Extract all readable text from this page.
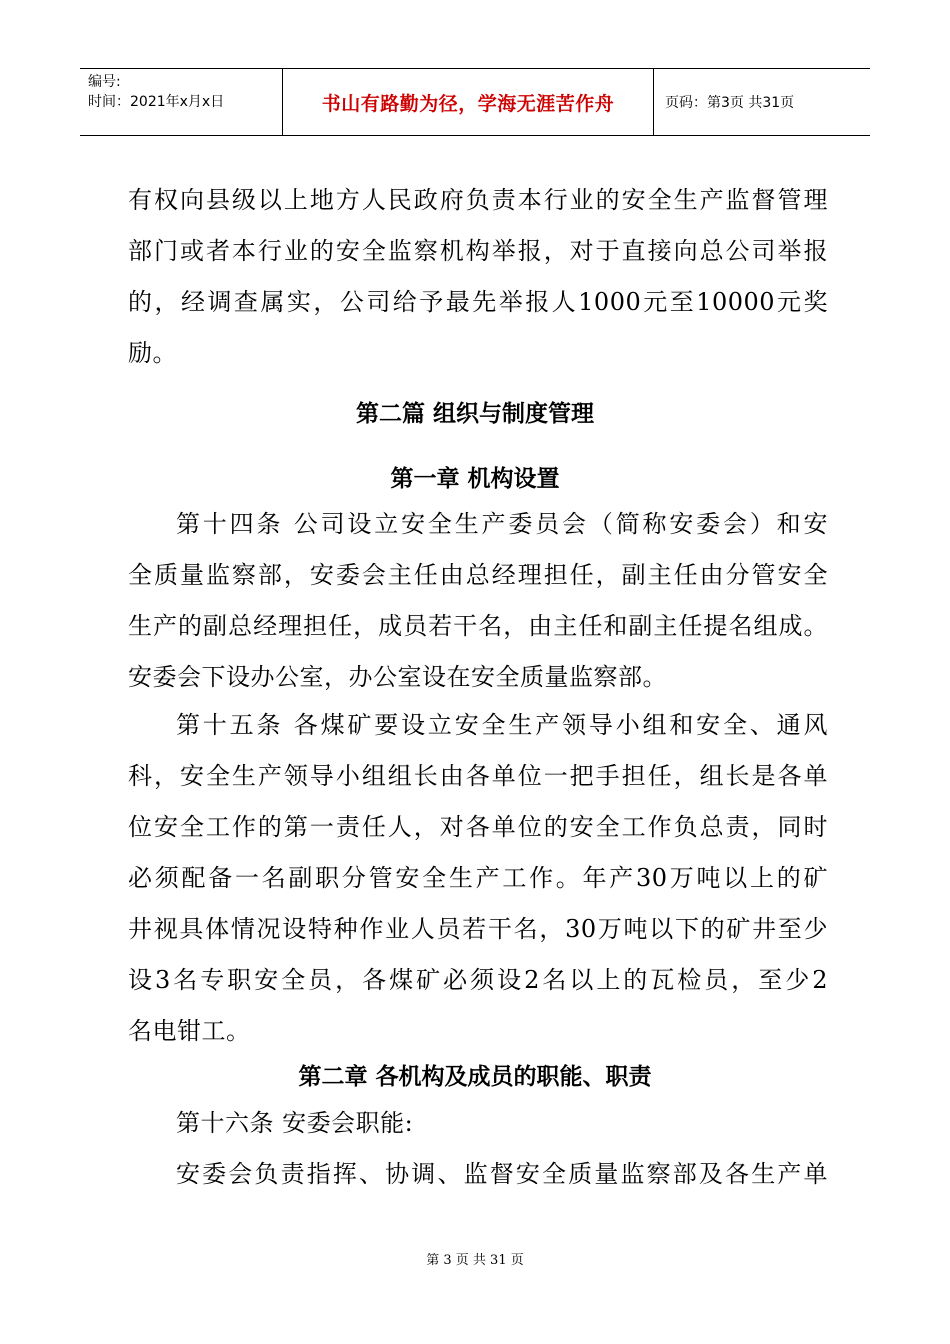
编号:
时间：2021年x月x日	书山有路勤为径，学海无涯苦作舟	页码：第3页 共31页
有权向县级以上地方人民政府负责本行业的安全生产监督管理
部门或者本行业的安全监察机构举报，对于直接向总公司举报
的，经调查属实，公司给予最先举报人1000元至10000元奖
励。
第二篇 组织与制度管理
第一章 机构设置
第十四条 公司设立安全生产委员会（简称安委会）和安
全质量监察部，安委会主任由总经理担任，副主任由分管安全
生产的副总经理担任，成员若干名，由主任和副主任提名组成。
安委会下设办公室，办公室设在安全质量监察部。
第十五条 各煤矿要设立安全生产领导小组和安全、通风
科，安全生产领导小组组长由各单位一把手担任，组长是各单
位安全工作的第一责任人，对各单位的安全工作负总责，同时
必须配备一名副职分管安全生产工作。年产30万吨以上的矿
井视具体情况设特种作业人员若干名，30万吨以下的矿井至少
设3名专职安全员，各煤矿必须设2名以上的瓦检员，至少2
名电钳工。
第二章 各机构及成员的职能、职责
第十六条 安委会职能:
安委会负责指挥、协调、监督安全质量监察部及各生产单
第 3 页 共 31 页
